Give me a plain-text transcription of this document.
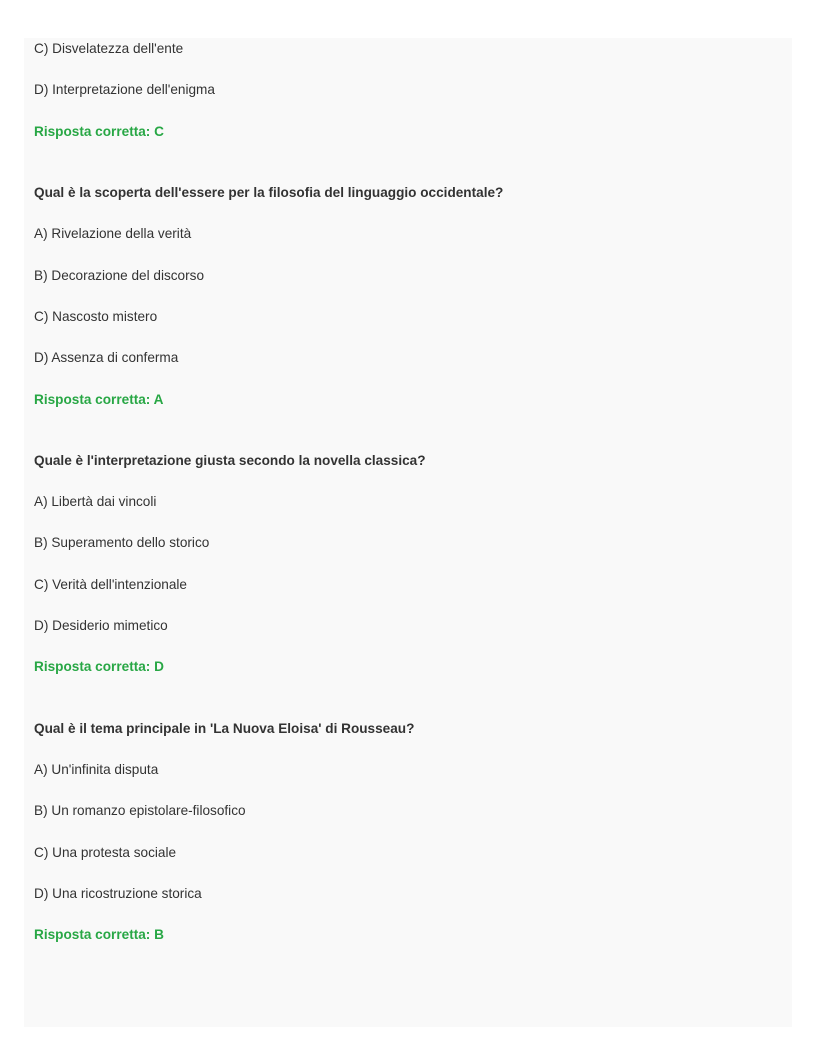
C) Disvelatezza dell'ente

D) Interpretazione dell'enigma

Risposta corretta: C

Qual è la scoperta dell'essere per la filosofia del linguaggio occidentale?

A) Rivelazione della verità

B) Decorazione del discorso

C) Nascosto mistero

D) Assenza di conferma

Risposta corretta: A

Quale è l'interpretazione giusta secondo la novella classica?

A) Libertà dai vincoli

B) Superamento dello storico

C) Verità dell'intenzionale

D) Desiderio mimetico

Risposta corretta: D

Qual è il tema principale in 'La Nuova Eloisa' di Rousseau?

A) Un'infinita disputa

B) Un romanzo epistolare-filosofico

C) Una protesta sociale

D) Una ricostruzione storica

Risposta corretta: B
